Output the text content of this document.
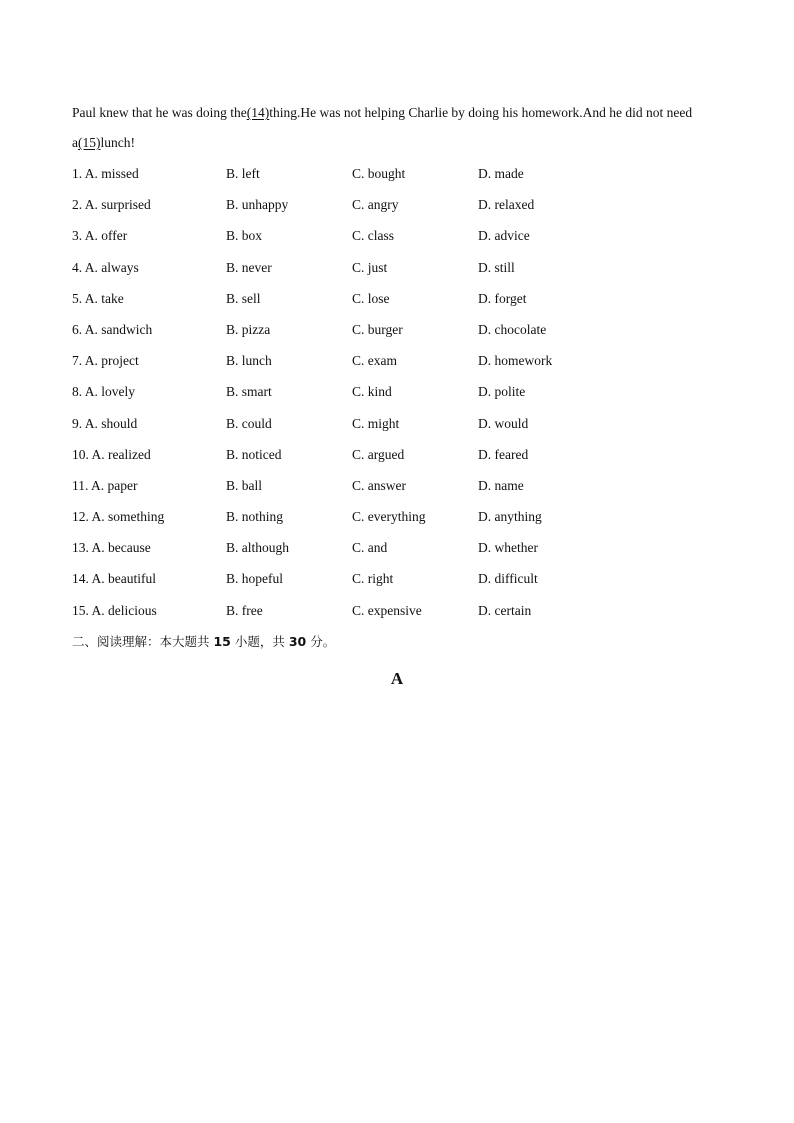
Paul knew that he was doing the(14)thing.He was not helping Charlie by doing his homework.And he did not need
a(15)lunch!
1. A. missed	B. left	C. bought	D. made
2. A. surprised	B. unhappy	C. angry	D. relaxed
3. A. offer	B. box	C. class	D. advice
4. A. always	B. never	C. just	D. still
5. A. take	B. sell	C. lose	D. forget
6. A. sandwich	B. pizza	C. burger	D. chocolate
7. A. project	B. lunch	C. exam	D. homework
8. A. lovely	B. smart	C. kind	D. polite
9. A. should	B. could	C. might	D. would
10. A. realized	B. noticed	C. argued	D. feared
11. A. paper	B. ball	C. answer	D. name
12. A. something	B. nothing	C. everything	D. anything
13. A. because	B. although	C. and	D. whether
14. A. beautiful	B. hopeful	C. right	D. difficult
15. A. delicious	B. free	C. expensive	D. certain
二、阅读理解：本大题共 15 小题，共 30 分。
A
